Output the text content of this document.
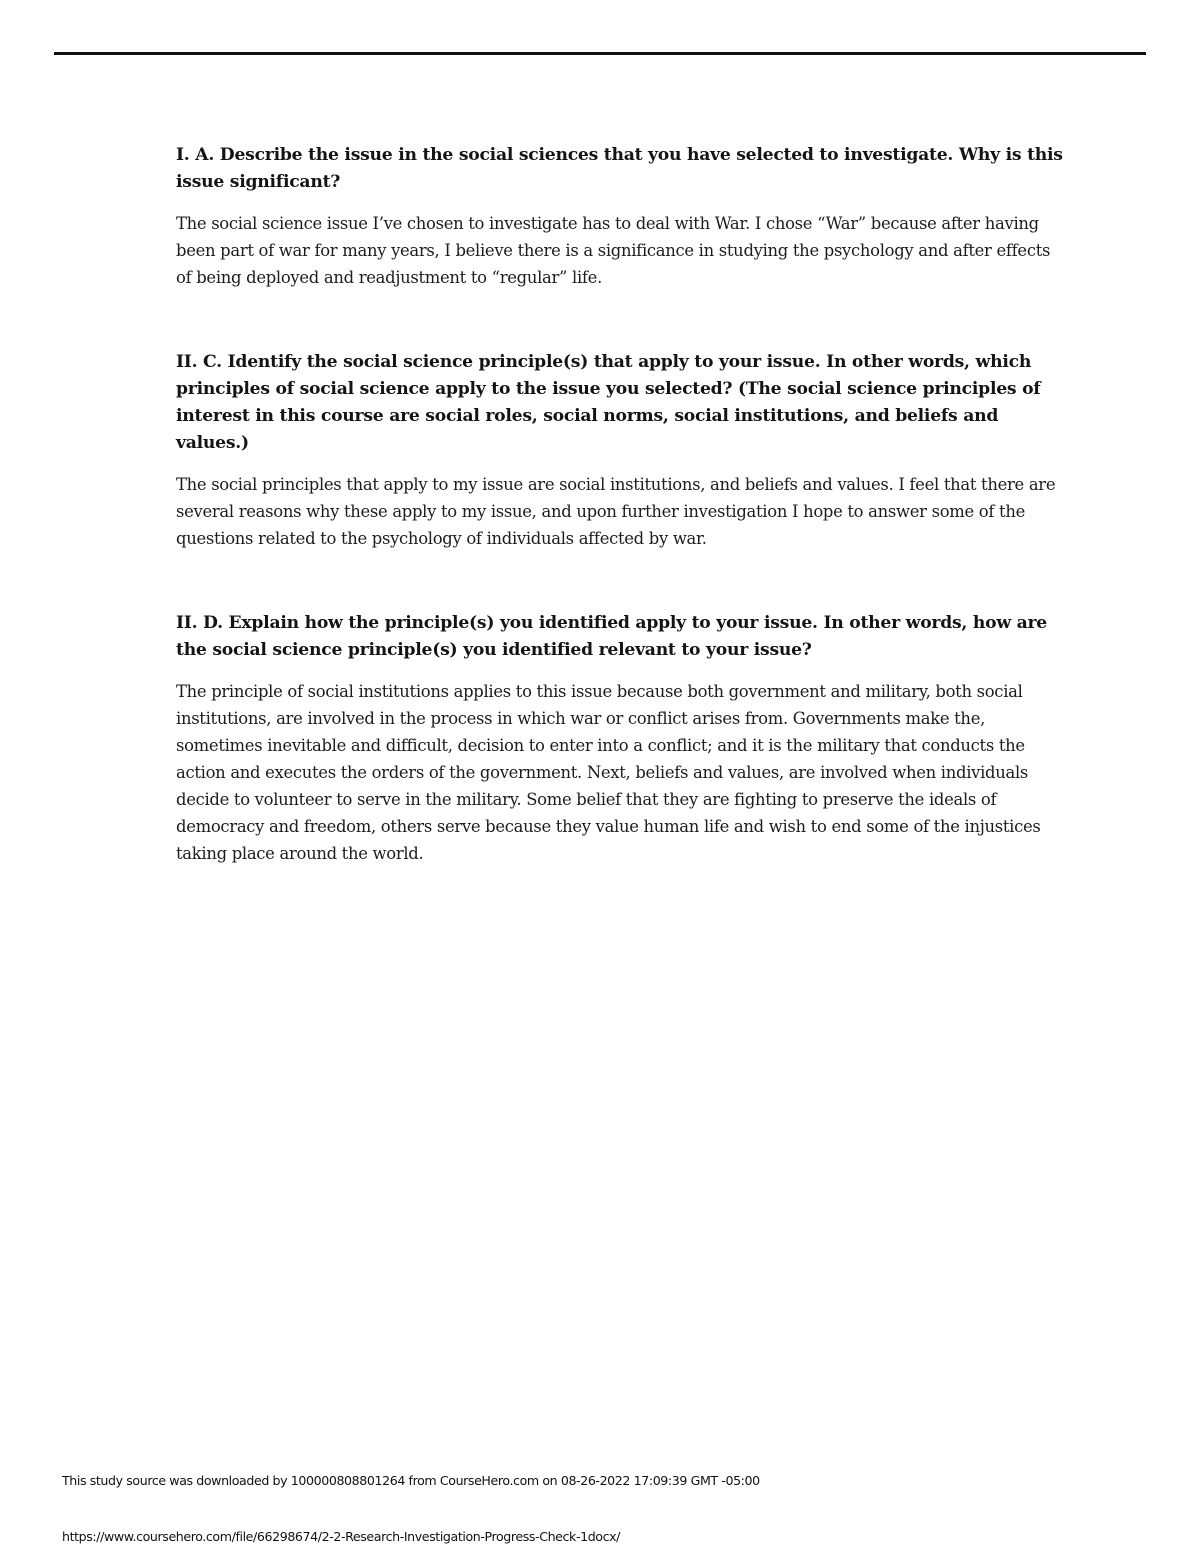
I. A. Describe the issue in the social sciences that you have selected to investigate. Why is this issue significant?

The social science issue I’ve chosen to investigate has to deal with War. I chose “War” because after having been part of war for many years, I believe there is a significance in studying the psychology and after effects of being deployed and readjustment to “regular” life.

II. C. Identify the social science principle(s) that apply to your issue. In other words, which principles of social science apply to the issue you selected? (The social science principles of interest in this course are social roles, social norms, social institutions, and beliefs and values.)

The social principles that apply to my issue are social institutions, and beliefs and values. I feel that there are several reasons why these apply to my issue, and upon further investigation I hope to answer some of the questions related to the psychology of individuals affected by war.

II. D. Explain how the principle(s) you identified apply to your issue. In other words, how are the social science principle(s) you identified relevant to your issue?

The principle of social institutions applies to this issue because both government and military, both social institutions, are involved in the process in which war or conflict arises from. Governments make the, sometimes inevitable and difficult, decision to enter into a conflict; and it is the military that conducts the action and executes the orders of the government. Next, beliefs and values, are involved when individuals decide to volunteer to serve in the military. Some belief that they are fighting to preserve the ideals of democracy and freedom, others serve because they value human life and wish to end some of the injustices taking place around the world.

This study source was downloaded by 100000808801264 from CourseHero.com on 08-26-2022 17:09:39 GMT -05:00
https://www.coursehero.com/file/66298674/2-2-Research-Investigation-Progress-Check-1docx/
